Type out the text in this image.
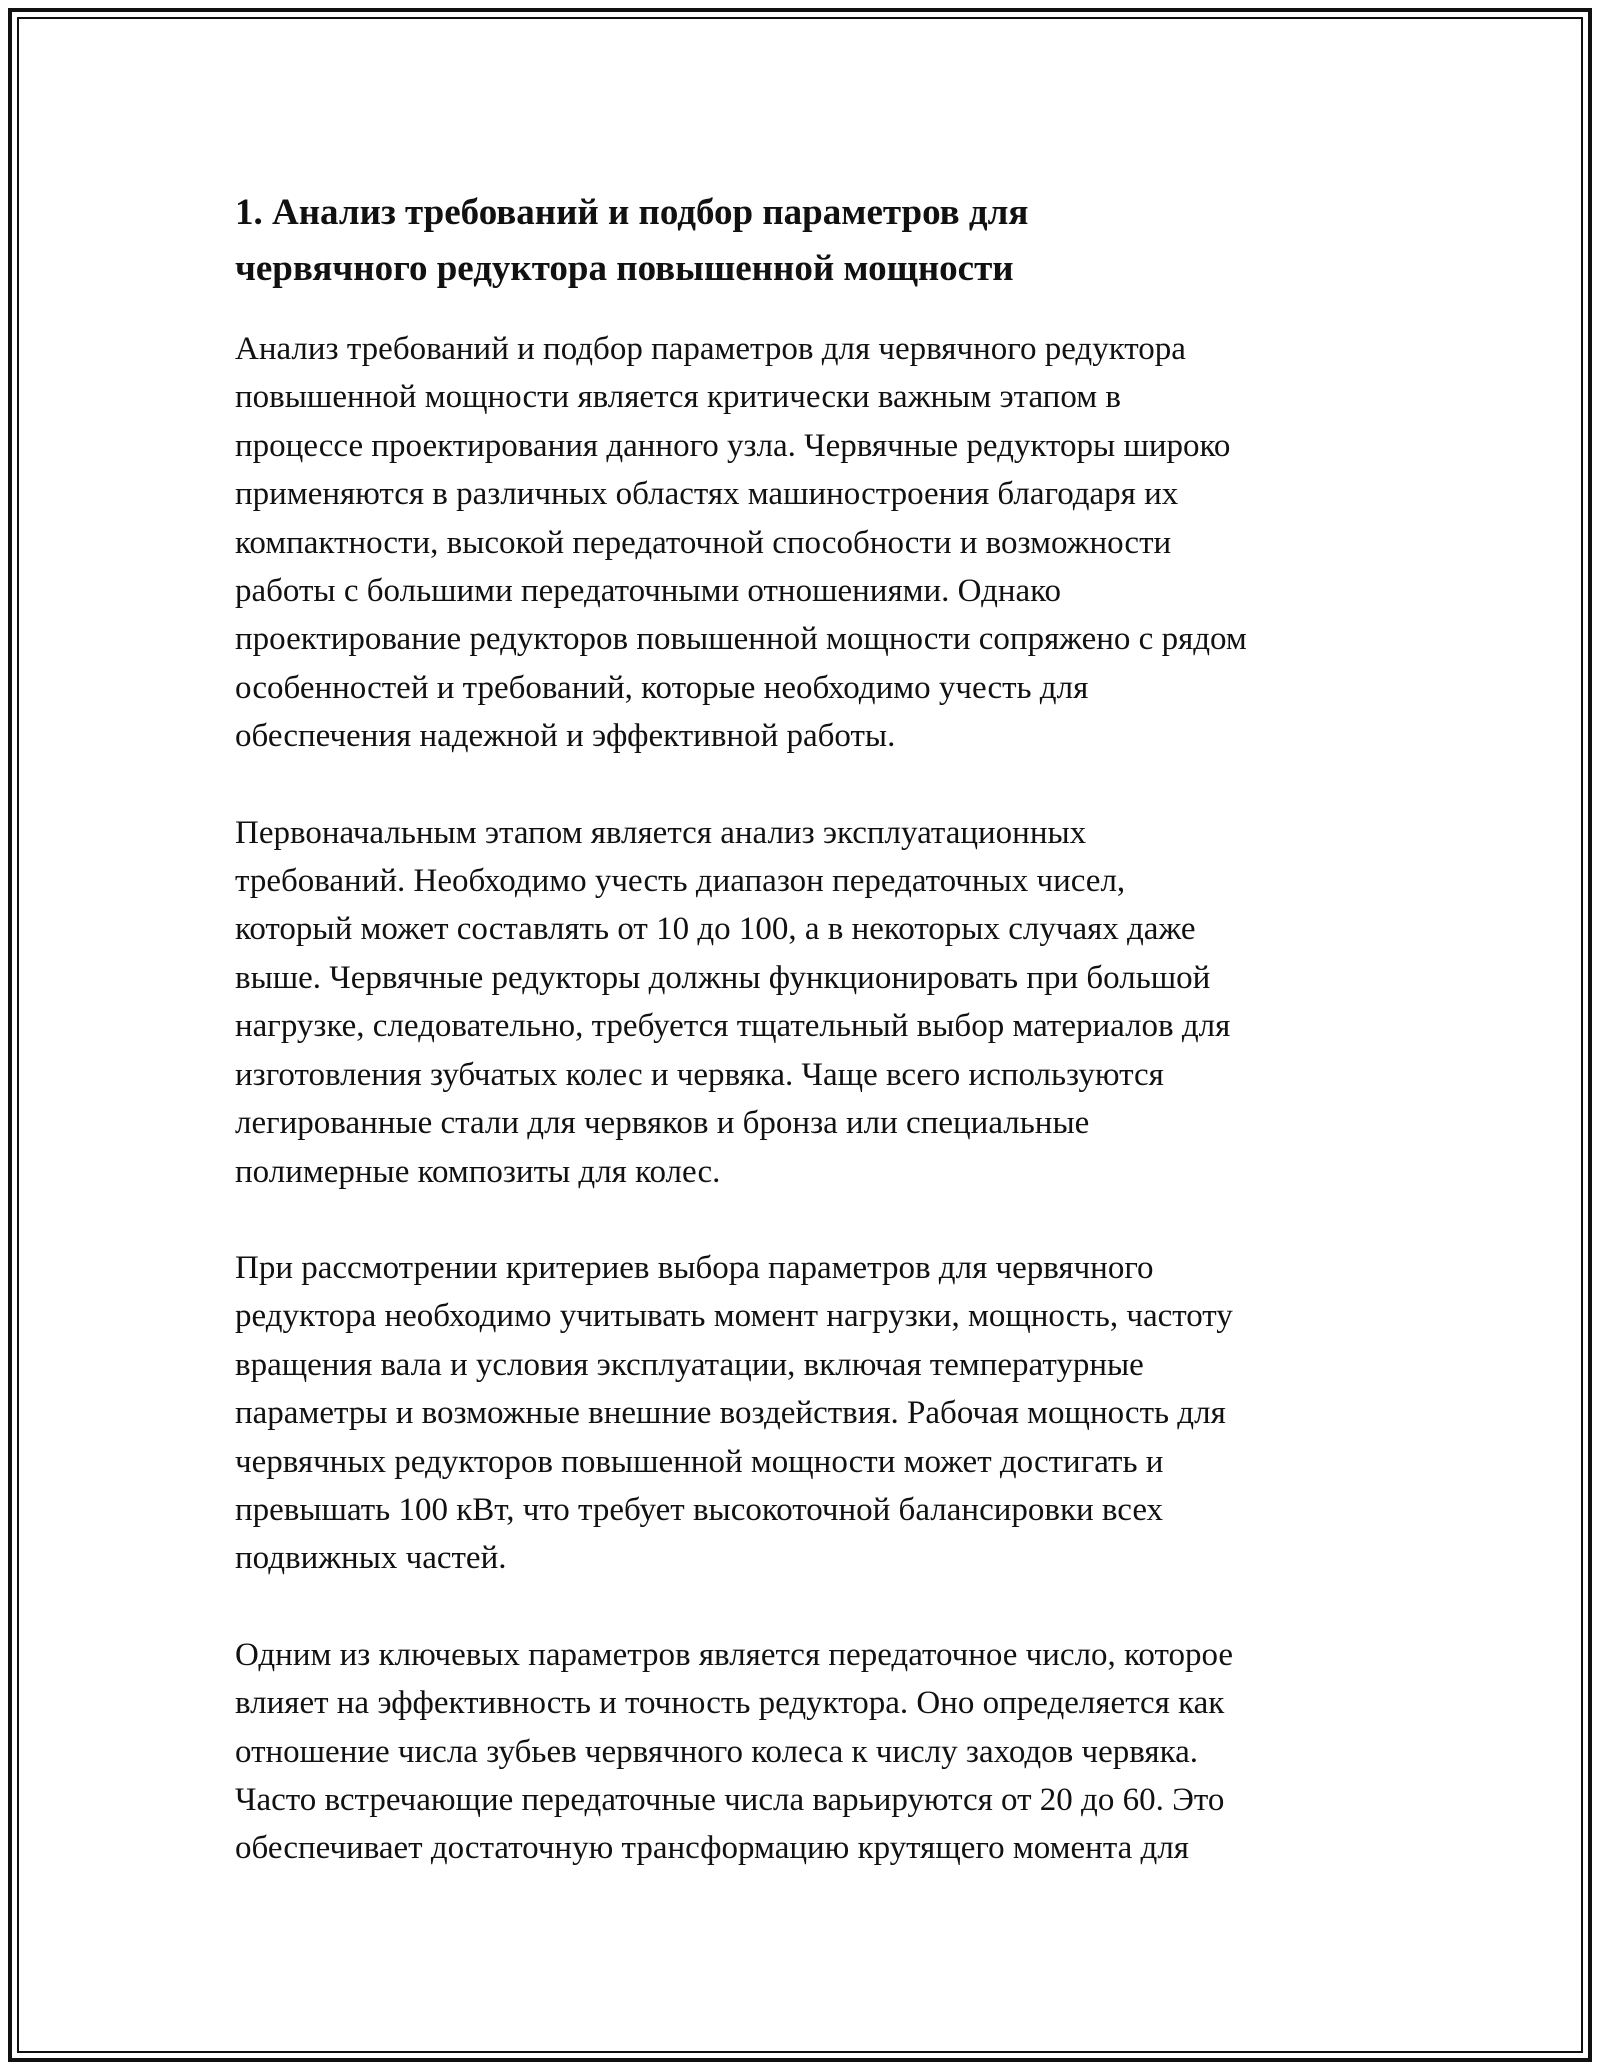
1. Анализ требований и подбор параметров для
червячного редуктора повышенной мощности

Анализ требований и подбор параметров для червячного редуктора
повышенной мощности является критически важным этапом в
процессе проектирования данного узла. Червячные редукторы широко
применяются в различных областях машиностроения благодаря их
компактности, высокой передаточной способности и возможности
работы с большими передаточными отношениями. Однако
проектирование редукторов повышенной мощности сопряжено с рядом
особенностей и требований, которые необходимо учесть для
обеспечения надежной и эффективной работы.

Первоначальным этапом является анализ эксплуатационных
требований. Необходимо учесть диапазон передаточных чисел,
который может составлять от 10 до 100, а в некоторых случаях даже
выше. Червячные редукторы должны функционировать при большой
нагрузке, следовательно, требуется тщательный выбор материалов для
изготовления зубчатых колес и червяка. Чаще всего используются
легированные стали для червяков и бронза или специальные
полимерные композиты для колес.

При рассмотрении критериев выбора параметров для червячного
редуктора необходимо учитывать момент нагрузки, мощность, частоту
вращения вала и условия эксплуатации, включая температурные
параметры и возможные внешние воздействия. Рабочая мощность для
червячных редукторов повышенной мощности может достигать и
превышать 100 кВт, что требует высокоточной балансировки всех
подвижных частей.

Одним из ключевых параметров является передаточное число, которое
влияет на эффективность и точность редуктора. Оно определяется как
отношение числа зубьев червячного колеса к числу заходов червяка.
Часто встречающие передаточные числа варьируются от 20 до 60. Это
обеспечивает достаточную трансформацию крутящего момента для
